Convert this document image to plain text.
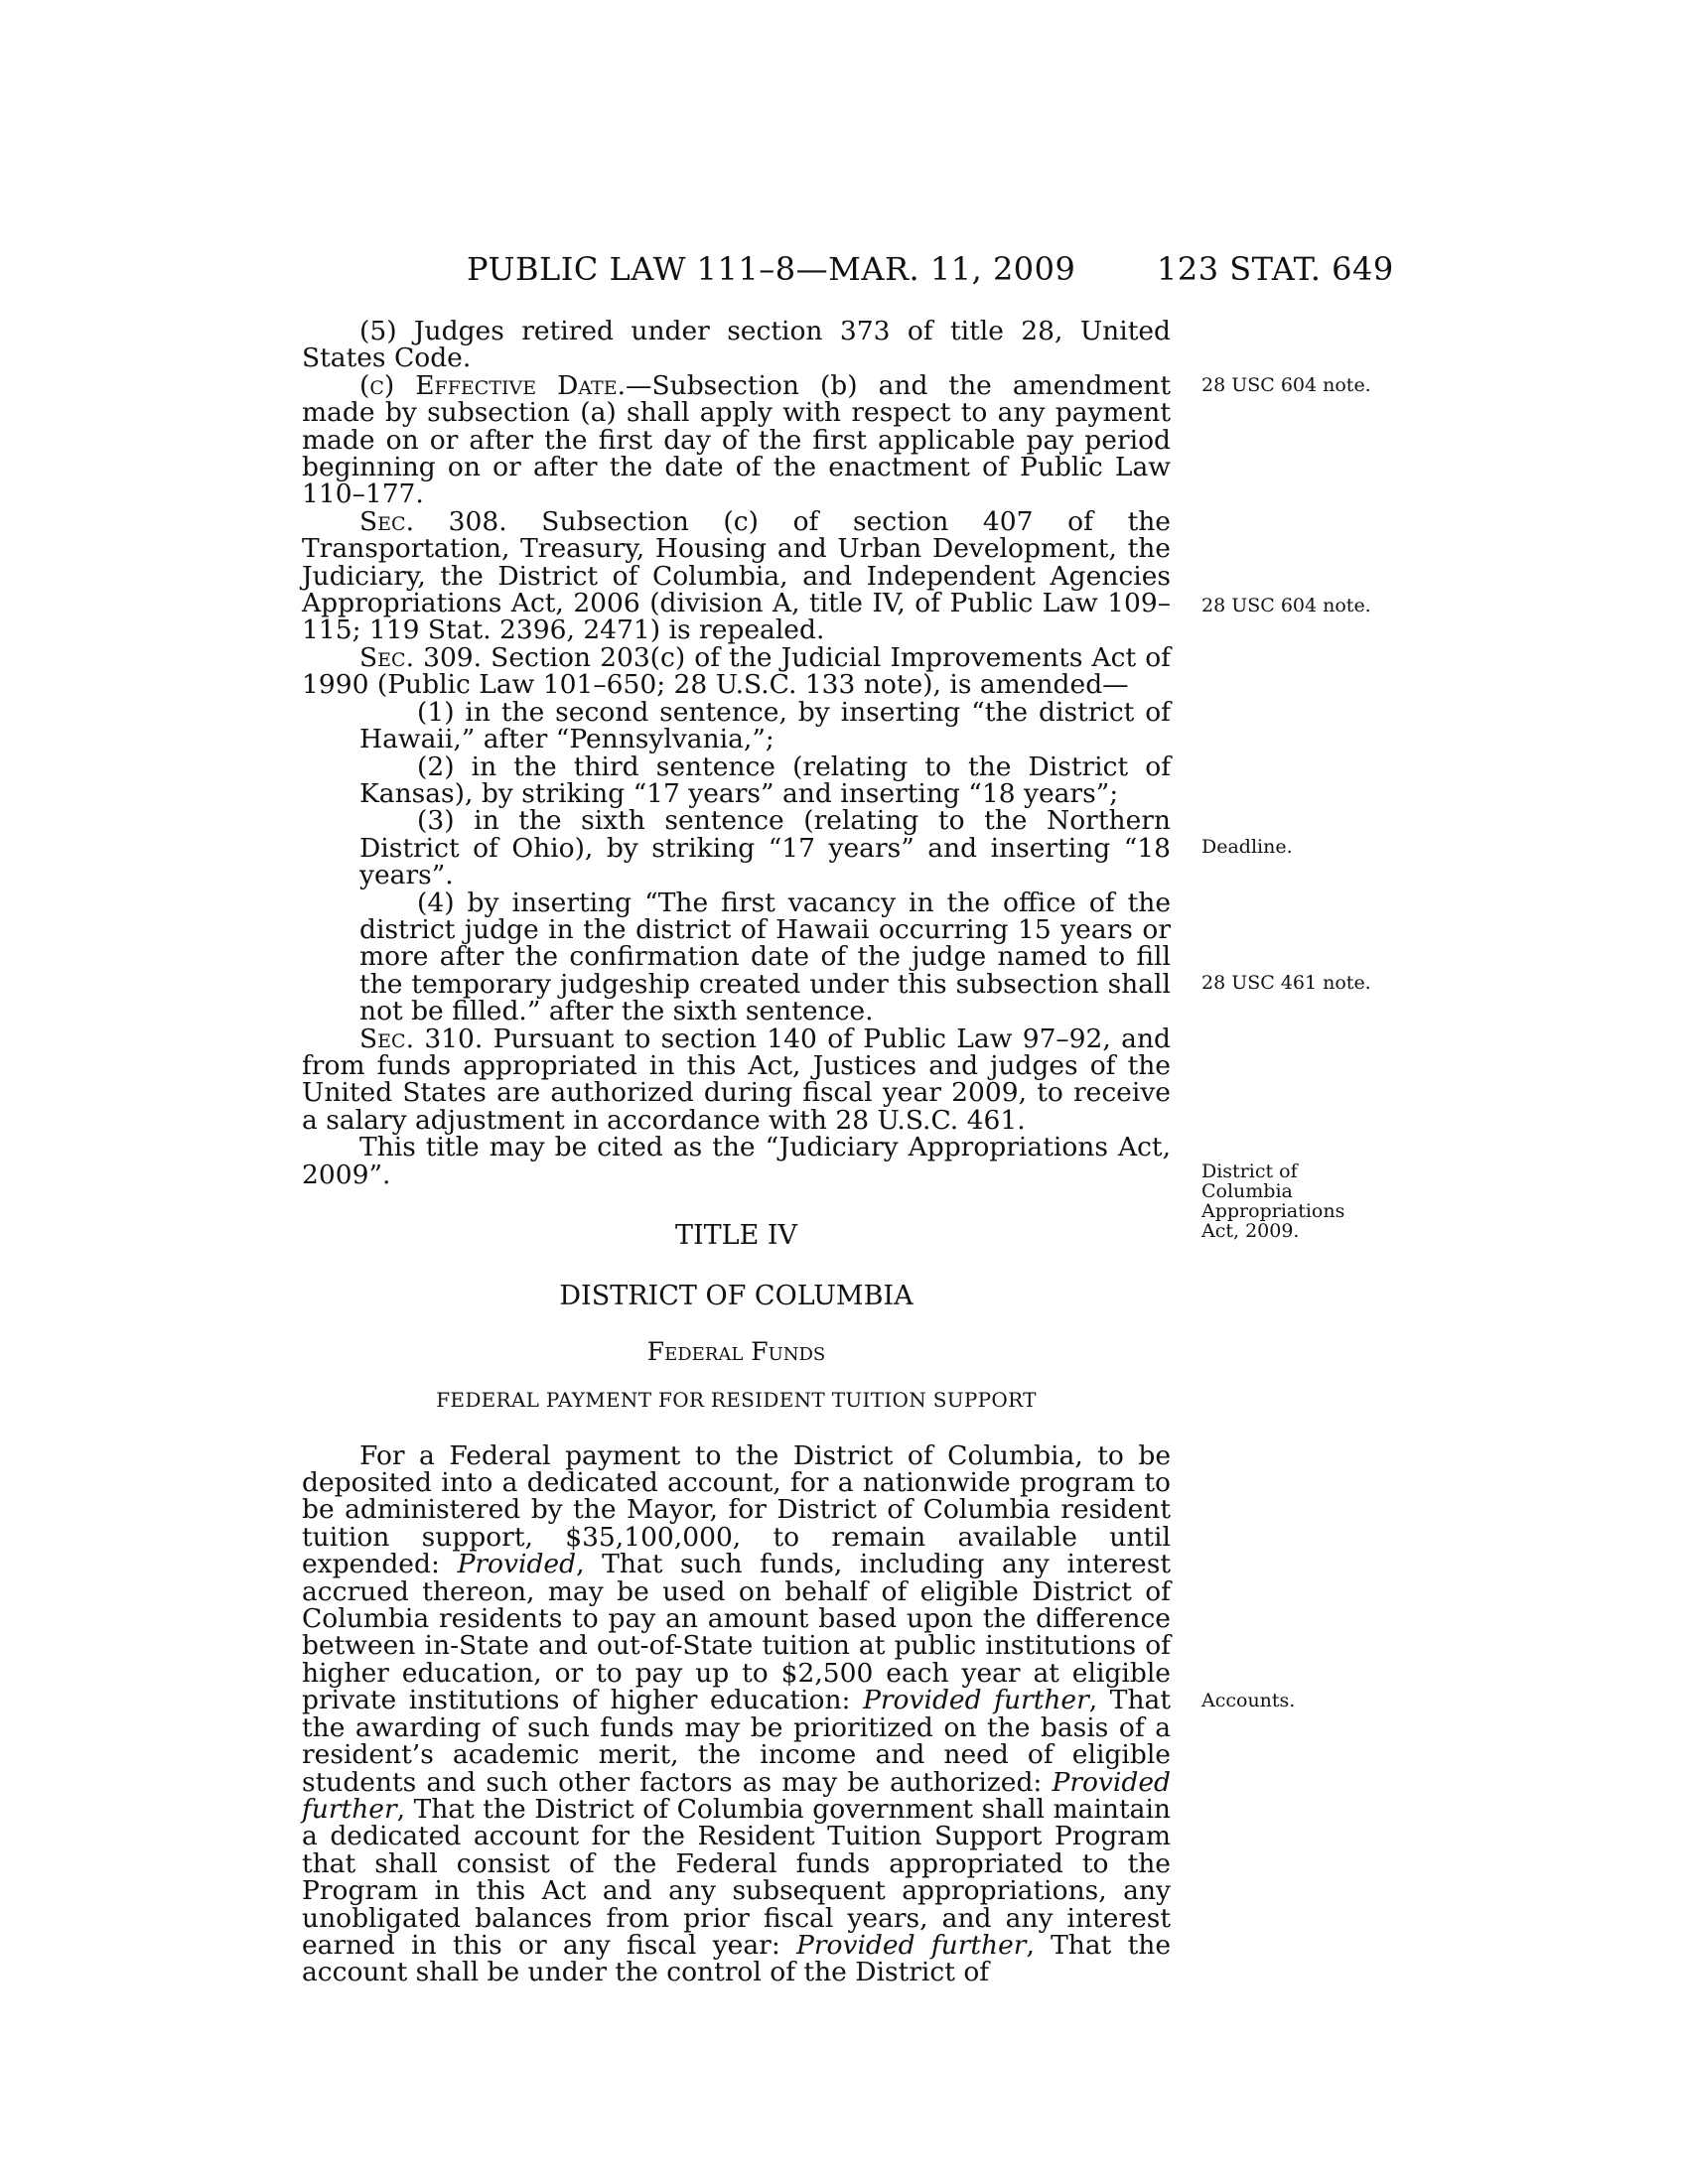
PUBLIC LAW 111–8—MAR. 11, 2009	123 STAT. 649

(5) Judges retired under section 373 of title 28, United States Code.

(c) Effective Date.—Subsection (b) and the amendment made by subsection (a) shall apply with respect to any payment made on or after the first day of the first applicable pay period beginning on or after the date of the enactment of Public Law 110–177.

Sec. 308. Subsection (c) of section 407 of the Transportation, Treasury, Housing and Urban Development, the Judiciary, the District of Columbia, and Independent Agencies Appropriations Act, 2006 (division A, title IV, of Public Law 109–115; 119 Stat. 2396, 2471) is repealed.

Sec. 309. Section 203(c) of the Judicial Improvements Act of 1990 (Public Law 101–650; 28 U.S.C. 133 note), is amended—

(1) in the second sentence, by inserting “the district of Hawaii,” after “Pennsylvania,”;

(2) in the third sentence (relating to the District of Kansas), by striking “17 years” and inserting “18 years”;

(3) in the sixth sentence (relating to the Northern District of Ohio), by striking “17 years” and inserting “18 years”.

(4) by inserting “The first vacancy in the office of the district judge in the district of Hawaii occurring 15 years or more after the confirmation date of the judge named to fill the temporary judgeship created under this subsection shall not be filled.” after the sixth sentence.

Sec. 310. Pursuant to section 140 of Public Law 97–92, and from funds appropriated in this Act, Justices and judges of the United States are authorized during fiscal year 2009, to receive a salary adjustment in accordance with 28 U.S.C. 461.

This title may be cited as the “Judiciary Appropriations Act, 2009”.

TITLE IV

DISTRICT OF COLUMBIA

Federal Funds

FEDERAL PAYMENT FOR RESIDENT TUITION SUPPORT

For a Federal payment to the District of Columbia, to be deposited into a dedicated account, for a nationwide program to be administered by the Mayor, for District of Columbia resident tuition support, $35,100,000, to remain available until expended: Provided, That such funds, including any interest accrued thereon, may be used on behalf of eligible District of Columbia residents to pay an amount based upon the difference between in-State and out-of-State tuition at public institutions of higher education, or to pay up to $2,500 each year at eligible private institutions of higher education: Provided further, That the awarding of such funds may be prioritized on the basis of a resident’s academic merit, the income and need of eligible students and such other factors as may be authorized: Provided further, That the District of Columbia government shall maintain a dedicated account for the Resident Tuition Support Program that shall consist of the Federal funds appropriated to the Program in this Act and any subsequent appropriations, any unobligated balances from prior fiscal years, and any interest earned in this or any fiscal year: Provided further, That the account shall be under the control of the District of

28 USC 604 note.
28 USC 604 note.
Deadline.
28 USC 461 note.
District of Columbia Appropriations Act, 2009.
Accounts.
